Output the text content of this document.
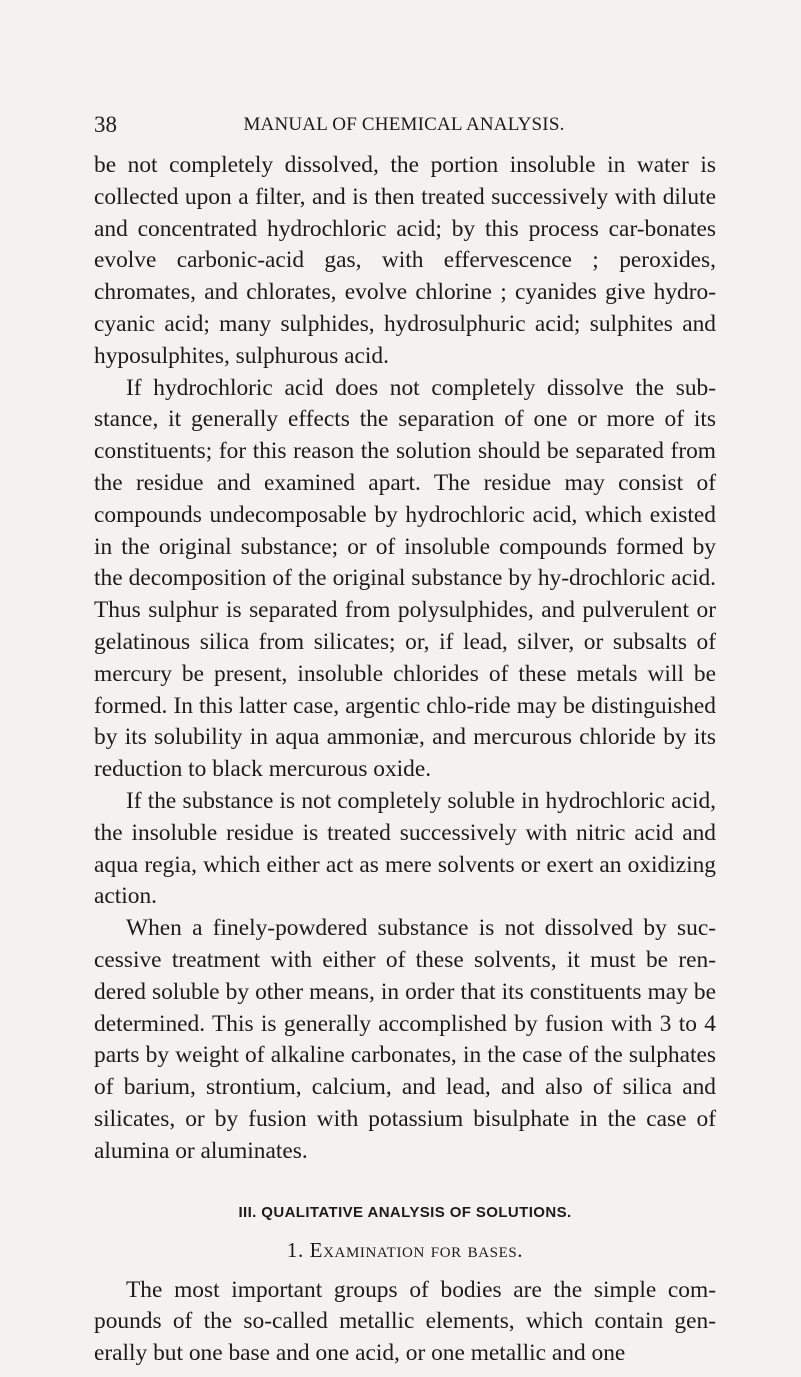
38	MANUAL OF CHEMICAL ANALYSIS.

be not completely dissolved, the portion insoluble in water is collected upon a filter, and is then treated successively with dilute and concentrated hydrochloric acid; by this process car-bonates evolve carbonic-acid gas, with effervescence ; peroxides, chromates, and chlorates, evolve chlorine ; cyanides give hydro-cyanic acid; many sulphides, hydrosulphuric acid; sulphites and hyposulphites, sulphurous acid.

If hydrochloric acid does not completely dissolve the sub-stance, it generally effects the separation of one or more of its constituents; for this reason the solution should be separated from the residue and examined apart. The residue may consist of compounds undecomposable by hydrochloric acid, which existed in the original substance; or of insoluble compounds formed by the decomposition of the original substance by hy-drochloric acid. Thus sulphur is separated from polysulphides, and pulverulent or gelatinous silica from silicates; or, if lead, silver, or subsalts of mercury be present, insoluble chlorides of these metals will be formed. In this latter case, argentic chlo-ride may be distinguished by its solubility in aqua ammoniæ, and mercurous chloride by its reduction to black mercurous oxide.

If the substance is not completely soluble in hydrochloric acid, the insoluble residue is treated successively with nitric acid and aqua regia, which either act as mere solvents or exert an oxidizing action.

When a finely-powdered substance is not dissolved by suc-cessive treatment with either of these solvents, it must be ren-dered soluble by other means, in order that its constituents may be determined. This is generally accomplished by fusion with 3 to 4 parts by weight of alkaline carbonates, in the case of the sulphates of barium, strontium, calcium, and lead, and also of silica and silicates, or by fusion with potassium bisulphate in the case of alumina or aluminates.

III. QUALITATIVE ANALYSIS OF SOLUTIONS.
1. Examination for bases.

The most important groups of bodies are the simple com-pounds of the so-called metallic elements, which contain gen-erally but one base and one acid, or one metallic and one
